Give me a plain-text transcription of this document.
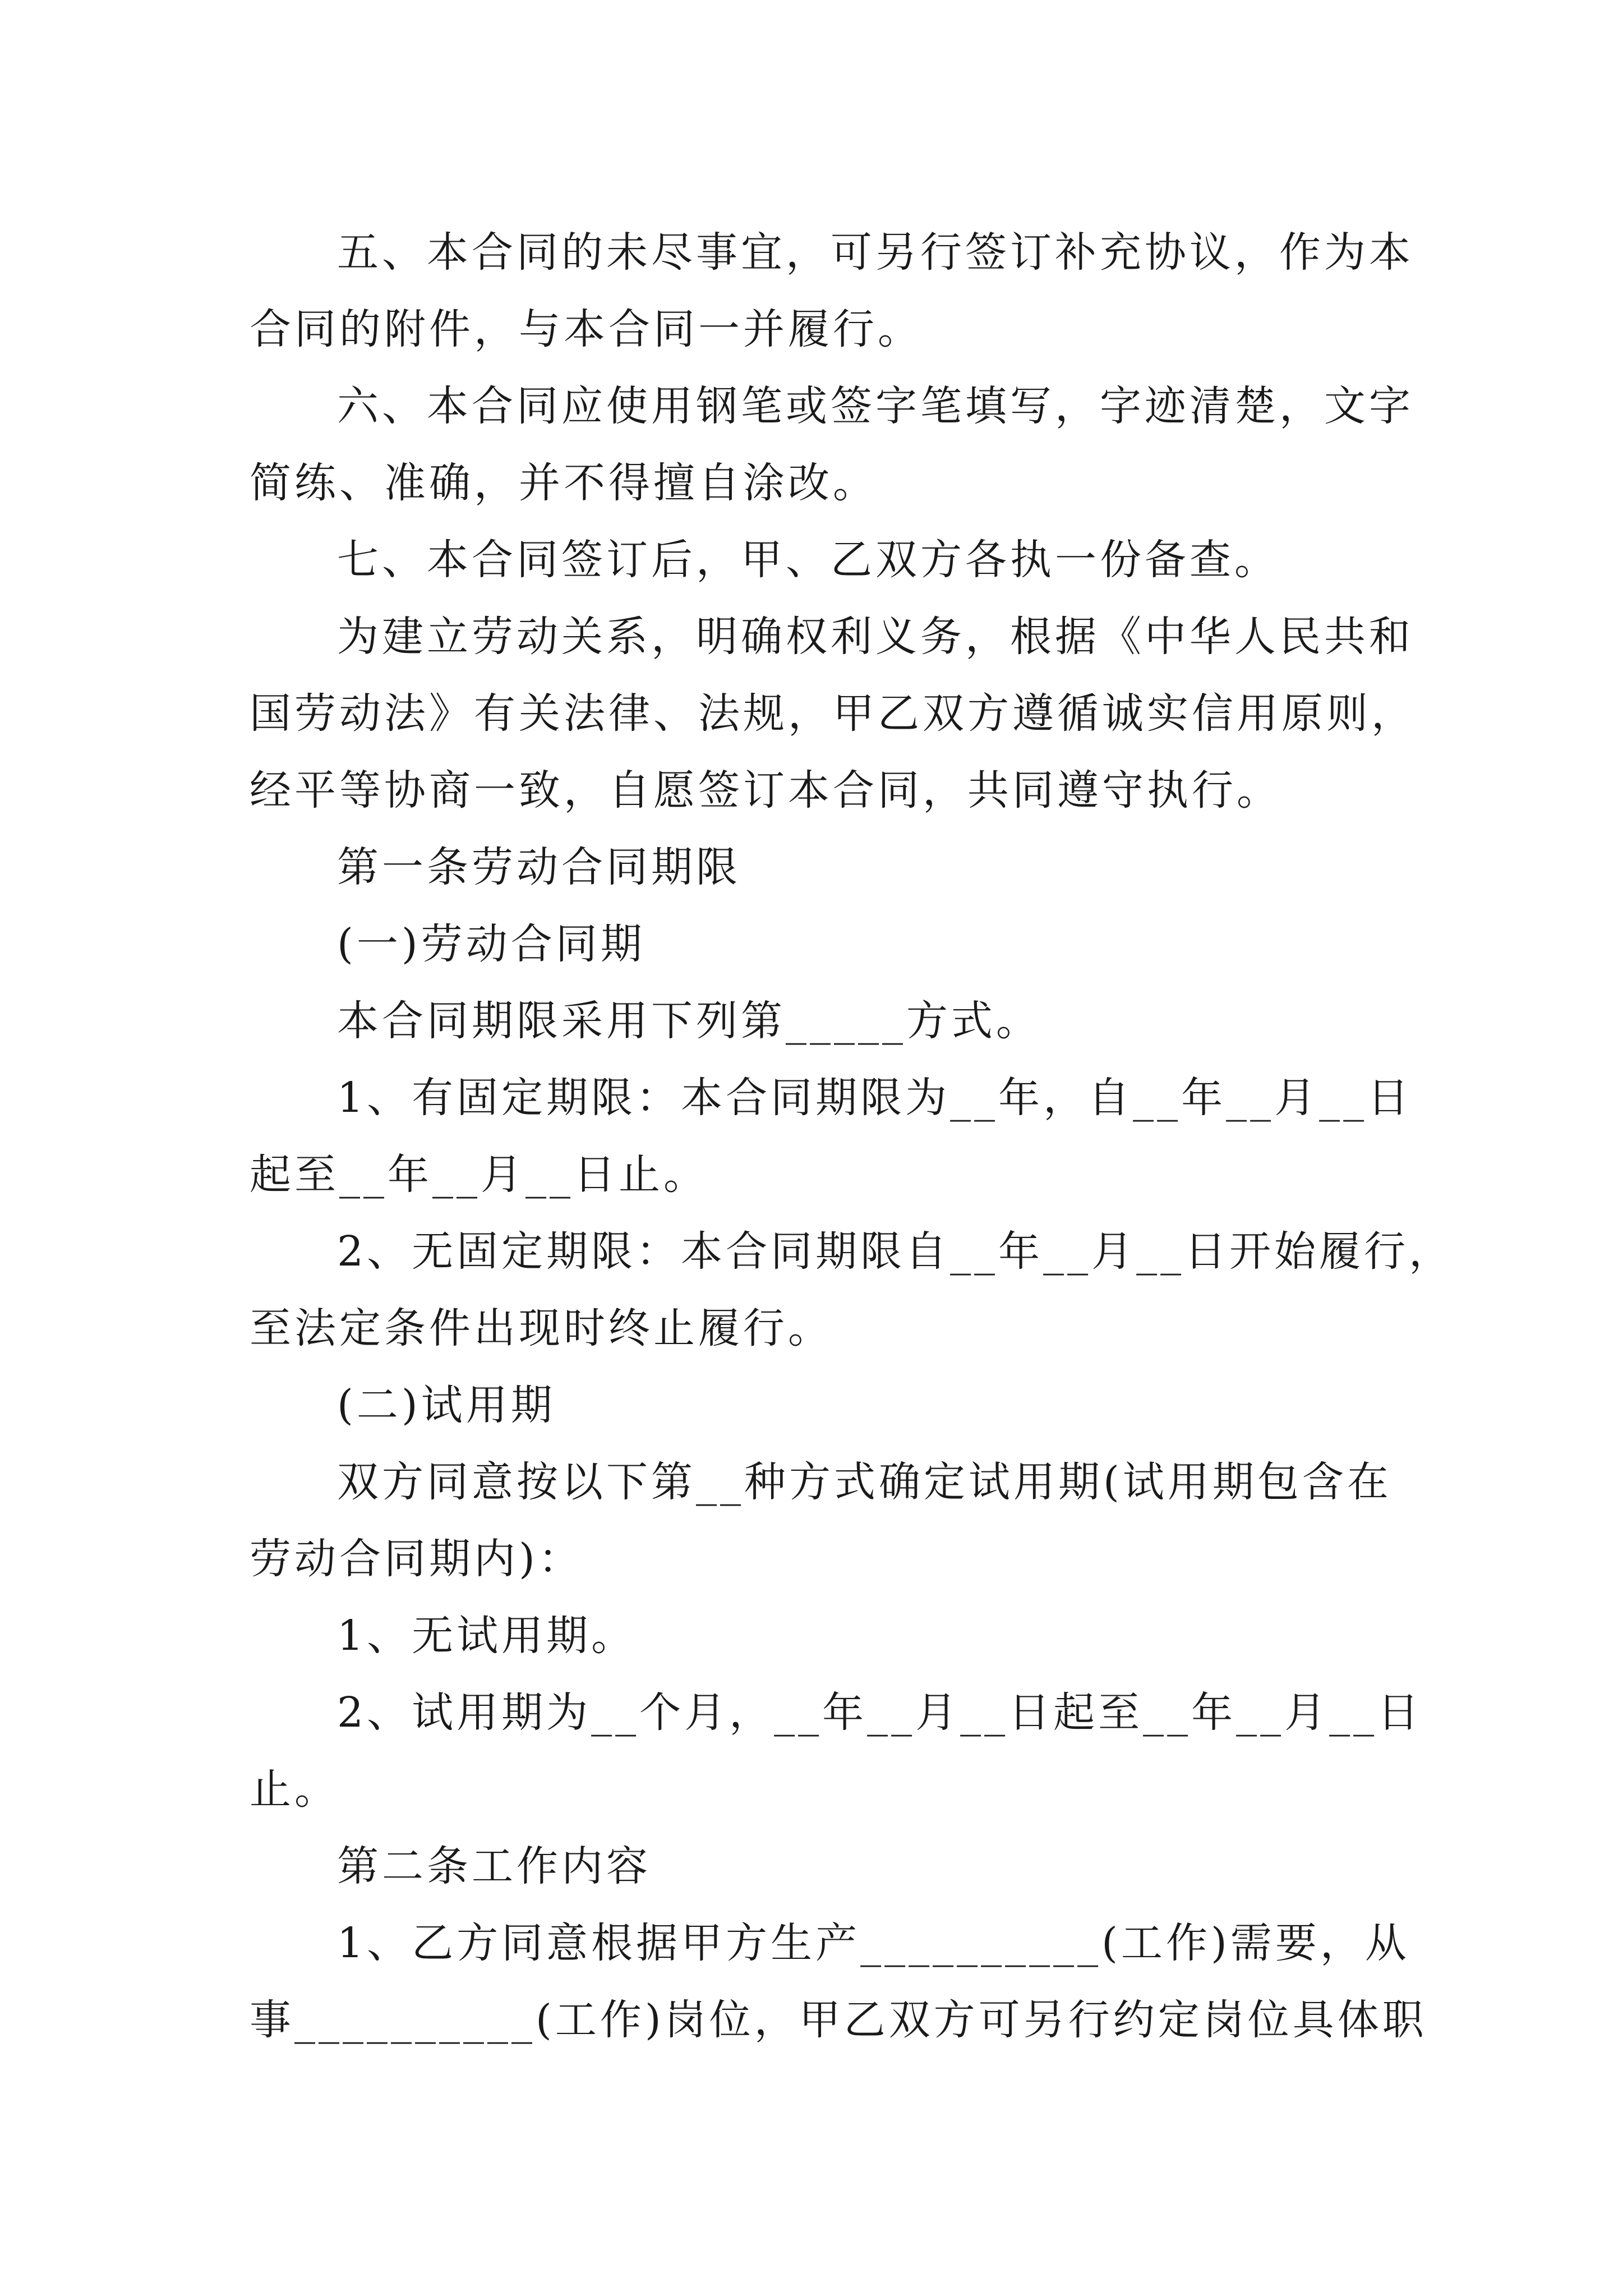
五、本合同的未尽事宜，可另行签订补充协议，作为本
合同的附件，与本合同一并履行。
六、本合同应使用钢笔或签字笔填写，字迹清楚，文字
简练、准确，并不得擅自涂改。
七、本合同签订后，甲、乙双方各执一份备查。
为建立劳动关系，明确权利义务，根据《中华人民共和
国劳动法》有关法律、法规，甲乙双方遵循诚实信用原则，
经平等协商一致，自愿签订本合同，共同遵守执行。
第一条劳动合同期限
(一)劳动合同期
本合同期限采用下列第_____方式。
1、有固定期限：本合同期限为__年，自__年__月__日
起至__年__月__日止。
2、无固定期限：本合同期限自__年__月__日开始履行，
至法定条件出现时终止履行。
(二)试用期
双方同意按以下第__种方式确定试用期(试用期包含在
劳动合同期内)：
1、无试用期。
2、试用期为__个月，__年__月__日起至__年__月__日
止。
第二条工作内容
1、乙方同意根据甲方生产__________(工作)需要，从
事__________(工作)岗位，甲乙双方可另行约定岗位具体职
